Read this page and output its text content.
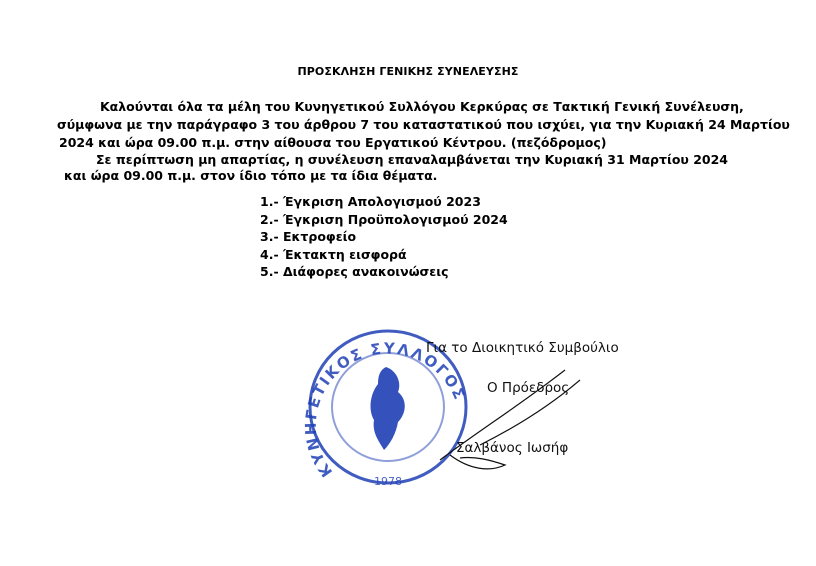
ΠΡΟΣΚΛΗΣΗ ΓΕΝΙΚΗΣ ΣΥΝΕΛΕΥΣΗΣ
Καλούνται όλα τα μέλη του Κυνηγετικού Συλλόγου Κερκύρας σε Τακτική Γενική Συνέλευση,
σύμφωνα με την παράγραφο 3 του άρθρου 7 του καταστατικού που ισχύει, για την Κυριακή 24 Μαρτίου
2024 και ώρα 09.00 π.μ. στην αίθουσα του Εργατικού Κέντρου. (πεζόδρομος)
Σε περίπτωση μη απαρτίας, η συνέλευση επαναλαμβάνεται την Κυριακή 31 Μαρτίου 2024
και ώρα 09.00 π.μ. στον ίδιο τόπο με τα ίδια θέματα.
1.- Έγκριση Απολογισμού 2023
2.- Έγκριση Προϋπολογισμού 2024
3.- Εκτροφείο
4.- Έκτακτη εισφορά
5.- Διάφορες ανακοινώσεις
ΚΥΝΗΓΕΤΙΚΟΣ ΣΥΛΛΟΓΟΣ
1978
Για το Διοικητικό Συμβούλιο
Ο Πρόεδρος
Σαλβάνος Ιωσήφ
